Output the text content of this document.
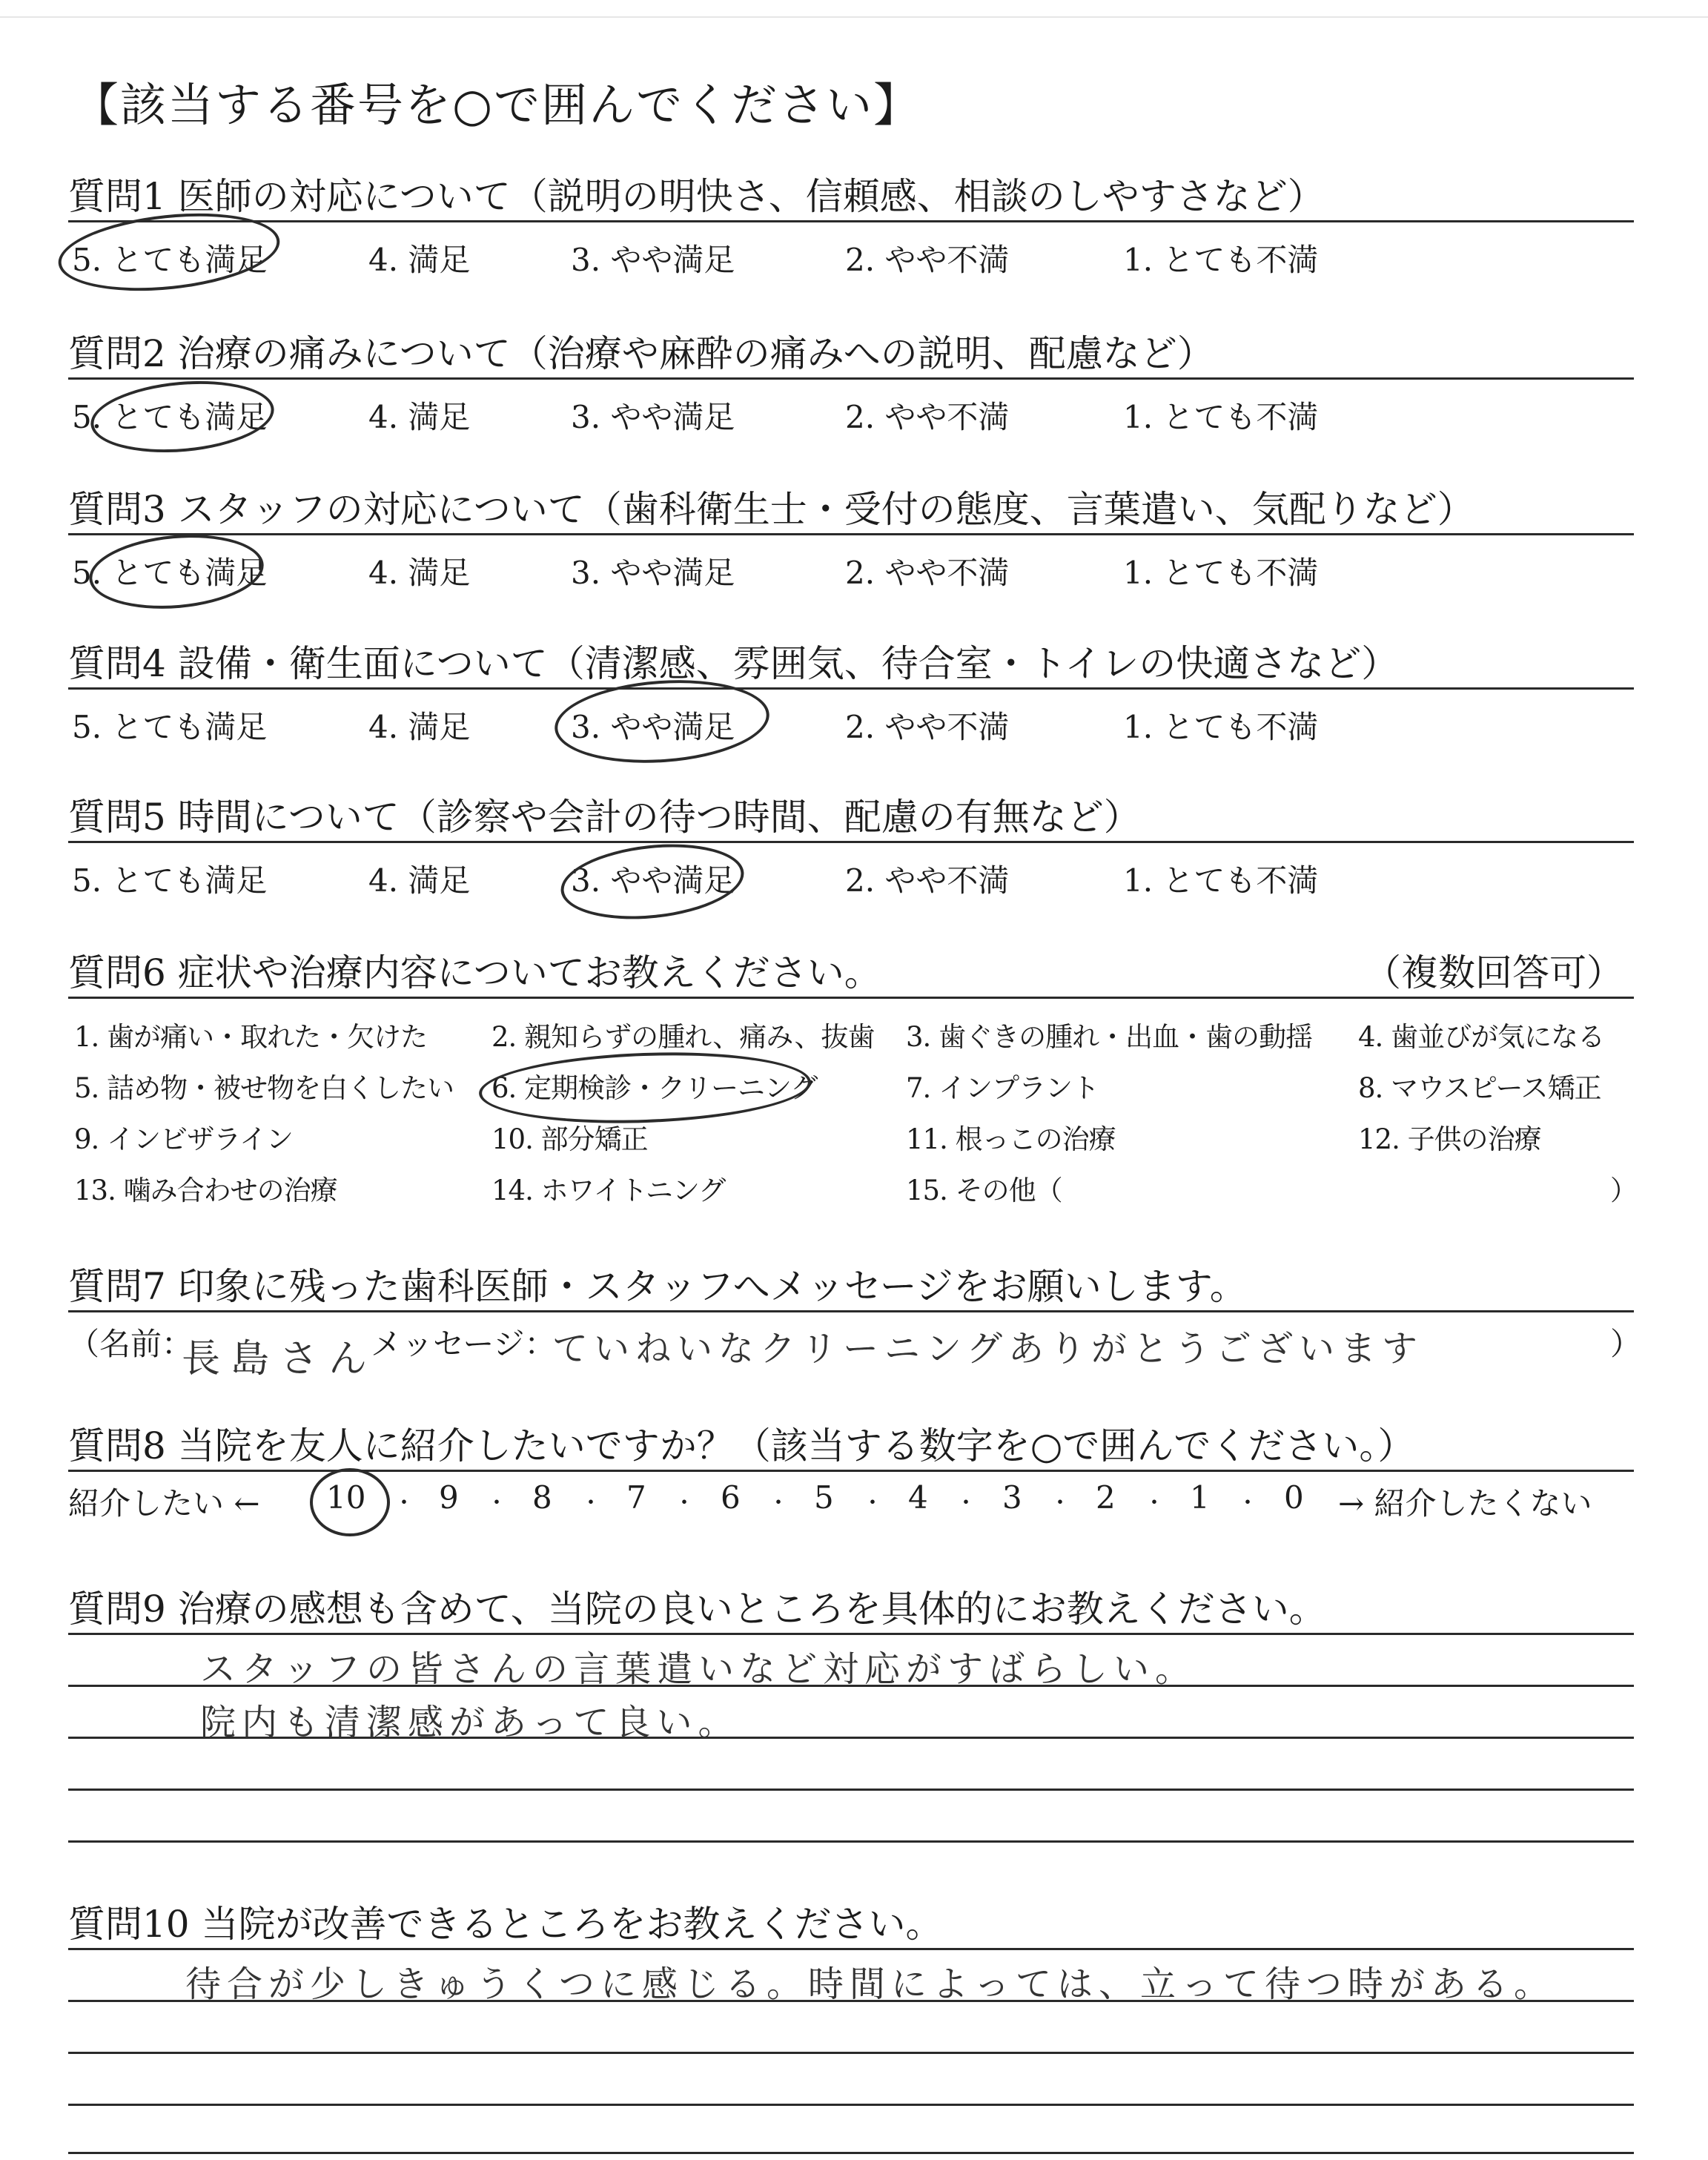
【該当する番号を○で囲んでください】
質問1 医師の対応について（説明の明快さ、信頼感、相談のしやすさなど）
5. とても満足	4. 満足	3. やや満足	2. やや不満	1. とても不満
質問2 治療の痛みについて（治療や麻酔の痛みへの説明、配慮など）
5. とても満足	4. 満足	3. やや満足	2. やや不満	1. とても不満
質問3 スタッフの対応について（歯科衛生士・受付の態度、言葉遣い、気配りなど）
5. とても満足	4. 満足	3. やや満足	2. やや不満	1. とても不満
質問4 設備・衛生面について（清潔感、雰囲気、待合室・トイレの快適さなど）
5. とても満足	4. 満足	3. やや満足	2. やや不満	1. とても不満
質問5 時間について（診察や会計の待つ時間、配慮の有無など）
5. とても満足	4. 満足	3. やや満足	2. やや不満	1. とても不満
質問6 症状や治療内容についてお教えください。	（複数回答可）
1. 歯が痛い・取れた・欠けた 2. 親知らずの腫れ、痛み、抜歯 3. 歯ぐきの腫れ・出血・歯の動揺 4. 歯並びが気になる
5. 詰め物・被せ物を白くしたい 6. 定期検診・クリーニング	7. インプラント	8. マウスピース矯正
9. インビザライン	10. 部分矯正	11. 根っこの治療	12. 子供の治療
13. 噛み合わせの治療	14. ホワイトニング	15. その他（	）
質問7 印象に残った歯科医師・スタッフへメッセージをお願いします。
（名前：
長島さん
メッセージ：
ていねいなクリーニングありがとうございます	）
質問8 当院を友人に紹介したいですか？（該当する数字を○で囲んでください。）
紹介したい ←	→ 紹介したくない
10 ・ 9 ・ 8 ・ 7 ・ 6 ・ 5 ・ 4 ・ 3 ・ 2 ・ 1 ・ 0
質問9 治療の感想も含めて、当院の良いところを具体的にお教えください。
スタッフの皆さんの言葉遣いなど対応がすばらしい。
院内も清潔感があって良い。
質問10 当院が改善できるところをお教えください。
待合が少しきゅうくつに感じる。時間によっては、立って待つ時がある。
